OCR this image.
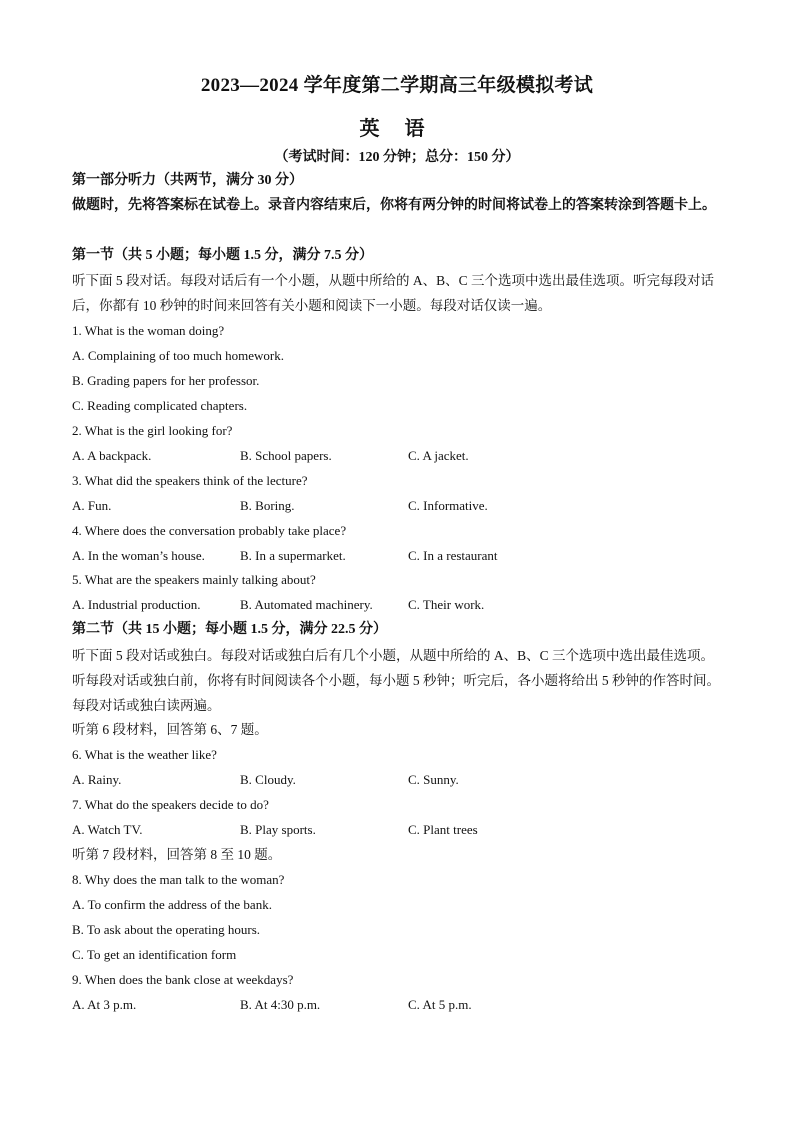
2023—2024 学年度第二学期高三年级模拟考试
英 语
（考试时间：120 分钟；总分：150 分）
第一部分听力（共两节，满分 30 分）
做题时，先将答案标在试卷上。录音内容结束后，你将有两分钟的时间将试卷上的答案转涂到答题卡上。
第一节（共 5 小题；每小题 1.5 分，满分 7.5 分）
听下面 5 段对话。每段对话后有一个小题，从题中所给的 A、B、C 三个选项中选出最佳选项。听完每段对话后，你都有 10 秒钟的时间来回答有关小题和阅读下一小题。每段对话仅读一遍。
1. What is the woman doing?
A. Complaining of too much homework.
B. Grading papers for her professor.
C. Reading complicated chapters.
2. What is the girl looking for?
A. A backpack.	B. School papers.	C. A jacket.
3. What did the speakers think of the lecture?
A. Fun.	B. Boring.	C. Informative.
4. Where does the conversation probably take place?
A. In the woman’s house.	B. In a supermarket.	C. In a restaurant
5. What are the speakers mainly talking about?
A. Industrial production.	B. Automated machinery.	C. Their work.
第二节（共 15 小题；每小题 1.5 分，满分 22.5 分）
听下面 5 段对话或独白。每段对话或独白后有几个小题，从题中所给的 A、B、C 三个选项中选出最佳选项。听每段对话或独白前，你将有时间阅读各个小题，每小题 5 秒钟；听完后，各小题将给出 5 秒钟的作答时间。每段对话或独白读两遍。
听第 6 段材料，回答第 6、7 题。
6. What is the weather like?
A. Rainy.	B. Cloudy.	C. Sunny.
7. What do the speakers decide to do?
A. Watch TV.	B. Play sports.	C. Plant trees
听第 7 段材料，回答第 8 至 10 题。
8. Why does the man talk to the woman?
A. To confirm the address of the bank.
B. To ask about the operating hours.
C. To get an identification form
9. When does the bank close at weekdays?
A. At 3 p.m.	B. At 4:30 p.m.	C. At 5 p.m.
